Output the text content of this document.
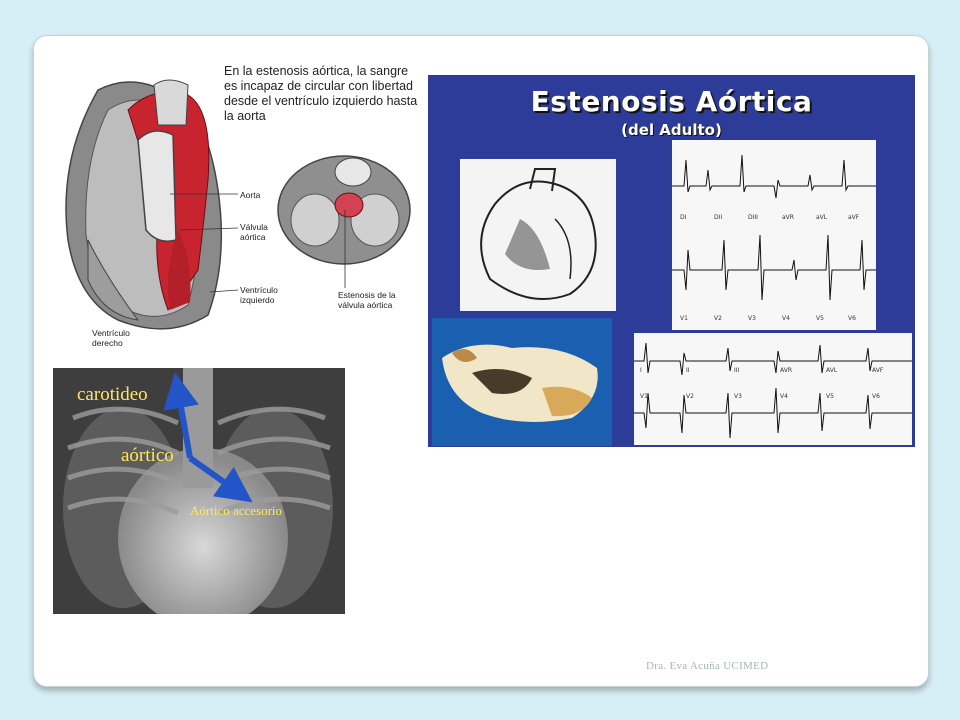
En la estenosis aórtica, la sangre es incapaz de circular con libertad desde el ventrículo izquierdo hasta la aorta
Aorta
Válvula
aórtica
Ventrículo
izquierdo
Ventrículo
derecho
Estenosis de la
válvula aórtica
Estenosis Aórtica
(del Adulto)
DI	DII	DIII	aVR	aVL	aVF
V1	V2	V3	V4	V5	V6
I	II	III	AVR	AVL	AVF
V1	V2	V3	V4	V5	V6
carotideo
aórtico
Aórtico accesorio
Dra. Eva Acuña UCIMED
